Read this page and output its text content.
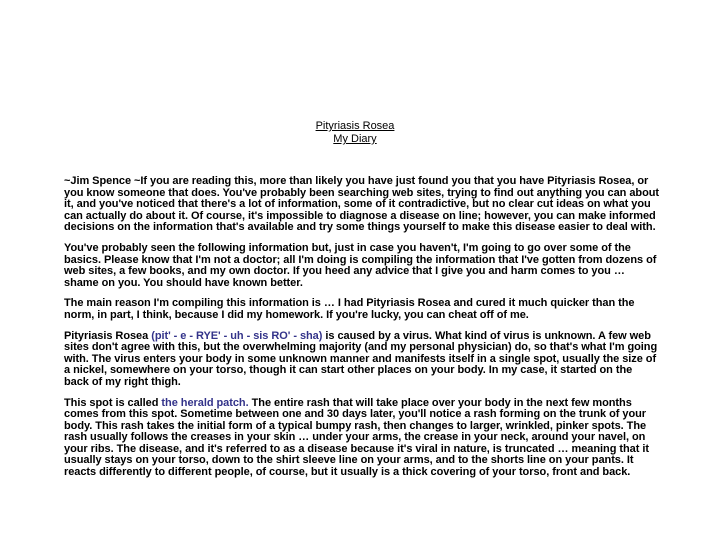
Pityriasis Rosea
My Diary

~Jim Spence ~If you are reading this, more than likely you have just found you that you have Pityriasis Rosea, or you know someone that does. You've probably been searching web sites, trying to find out anything you can about it, and you've noticed that there's a lot of information, some of it contradictive, but no clear cut ideas on what you can actually do about it. Of course, it's impossible to diagnose a disease on line; however, you can make informed decisions on the information that's available and try some things yourself to make this disease easier to deal with.

You've probably seen the following information but, just in case you haven't, I'm going to go over some of the basics. Please know that I'm not a doctor; all I'm doing is compiling the information that I've gotten from dozens of web sites, a few books, and my own doctor. If you heed any advice that I give you and harm comes to you … shame on you. You should have known better.

The main reason I'm compiling this information is … I had Pityriasis Rosea and cured it much quicker than the norm, in part, I think, because I did my homework. If you're lucky, you can cheat off of me.

Pityriasis Rosea (pit' - e - RYE' - uh - sis RO' - sha) is caused by a virus. What kind of virus is unknown. A few web sites don't agree with this, but the overwhelming majority (and my personal physician) do, so that's what I'm going with. The virus enters your body in some unknown manner and manifests itself in a single spot, usually the size of a nickel, somewhere on your torso, though it can start other places on your body. In my case, it started on the back of my right thigh.

This spot is called the herald patch. The entire rash that will take place over your body in the next few months comes from this spot. Sometime between one and 30 days later, you'll notice a rash forming on the trunk of your body. This rash takes the initial form of a typical bumpy rash, then changes to larger, wrinkled, pinker spots. The rash usually follows the creases in your skin … under your arms, the crease in your neck, around your navel, on your ribs. The disease, and it's referred to as a disease because it's viral in nature, is truncated … meaning that it usually stays on your torso, down to the shirt sleeve line on your arms, and to the shorts line on your pants. It reacts differently to different people, of course, but it usually is a thick covering of your torso, front and back.
